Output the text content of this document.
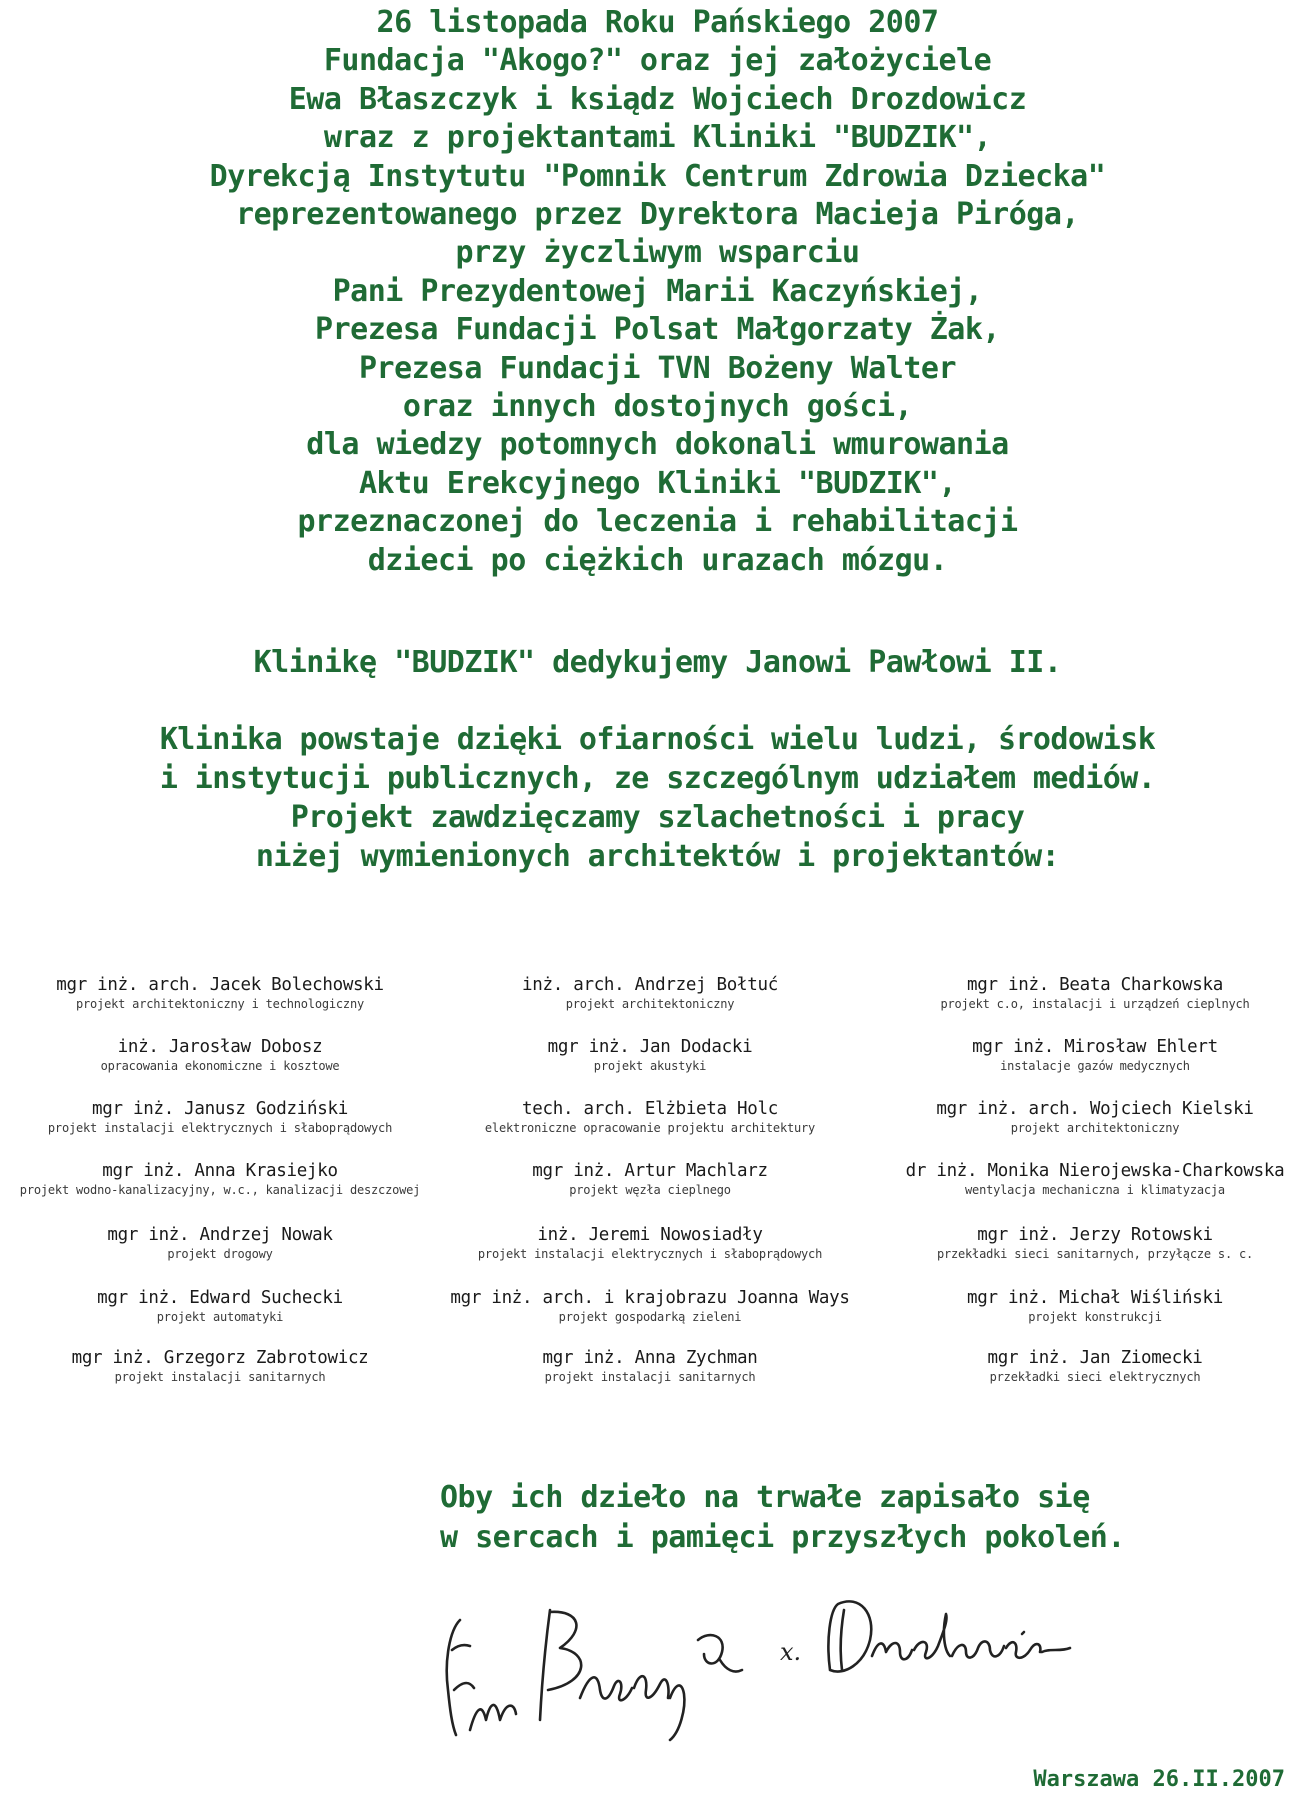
26 listopada Roku Pańskiego 2007
Fundacja "Akogo?" oraz jej założyciele
Ewa Błaszczyk i ksiądz Wojciech Drozdowicz
wraz z projektantami Kliniki "BUDZIK",
Dyrekcją Instytutu "Pomnik Centrum Zdrowia Dziecka"
reprezentowanego przez Dyrektora Macieja Piróga,
przy życzliwym wsparciu
Pani Prezydentowej Marii Kaczyńskiej,
Prezesa Fundacji Polsat Małgorzaty Żak,
Prezesa Fundacji TVN Bożeny Walter
oraz innych dostojnych gości,
dla wiedzy potomnych dokonali wmurowania
Aktu Erekcyjnego Kliniki "BUDZIK",
przeznaczonej do leczenia i rehabilitacji
dzieci po ciężkich urazach mózgu.
Klinikę "BUDZIK" dedykujemy Janowi Pawłowi II.
Klinika powstaje dzięki ofiarności wielu ludzi, środowisk
i instytucji publicznych, ze szczególnym udziałem mediów.
Projekt zawdzięczamy szlachetności i pracy
niżej wymienionych architektów i projektantów:
mgr inż. arch. Jacek Bolechowski
projekt architektoniczny i technologiczny
inż. Jarosław Dobosz
opracowania ekonomiczne i kosztowe
mgr inż. Janusz Godziński
projekt instalacji elektrycznych i słaboprądowych
mgr inż. Anna Krasiejko
projekt wodno-kanalizacyjny, w.c., kanalizacji deszczowej
mgr inż. Andrzej Nowak
projekt drogowy
mgr inż. Edward Suchecki
projekt automatyki
mgr inż. Grzegorz Zabrotowicz
projekt instalacji sanitarnych
inż. arch. Andrzej Bołtuć
projekt architektoniczny
mgr inż. Jan Dodacki
projekt akustyki
tech. arch. Elżbieta Holc
elektroniczne opracowanie projektu architektury
mgr inż. Artur Machlarz
projekt węzła cieplnego
inż. Jeremi Nowosiadły
projekt instalacji elektrycznych i słaboprądowych
mgr inż. arch. i krajobrazu Joanna Ways
projekt gospodarką zieleni
mgr inż. Anna Zychman
projekt instalacji sanitarnych
mgr inż. Beata Charkowska
projekt c.o, instalacji i urządzeń cieplnych
mgr inż. Mirosław Ehlert
instalacje gazów medycznych
mgr inż. arch. Wojciech Kielski
projekt architektoniczny
dr inż. Monika Nierojewska-Charkowska
wentylacja mechaniczna i klimatyzacja
mgr inż. Jerzy Rotowski
przekładki sieci sanitarnych, przyłącze s. c.
mgr inż. Michał Wiśliński
projekt konstrukcji
mgr inż. Jan Ziomecki
przekładki sieci elektrycznych
Oby ich dzieło na trwałe zapisało się
w sercach i pamięci przyszłych pokoleń.
x.
Warszawa 26.II.2007
